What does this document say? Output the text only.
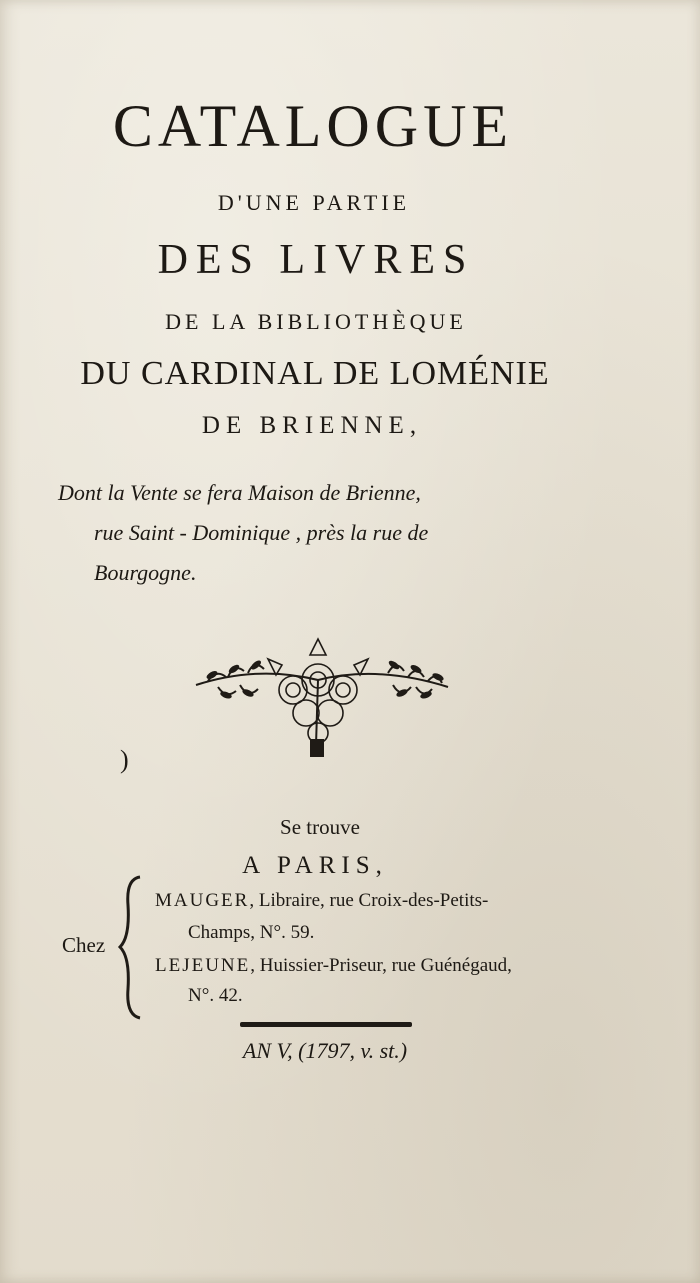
CATALOGUE
D'UNE PARTIE
DES LIVRES
DE LA BIBLIOTHÈQUE
DU CARDINAL DE LOMÉNIE
DE BRIENNE,
Dont la Vente se fera Maison de Brienne,
rue Saint - Dominique , près la rue de
Bourgogne.
)
Se trouve
A PARIS,
Chez
MAUGER, Libraire, rue Croix-des-Petits-
Champs, N°. 59.
LEJEUNE, Huissier-Priseur, rue Guénégaud,
N°. 42.
AN V, (1797, v. st.)
